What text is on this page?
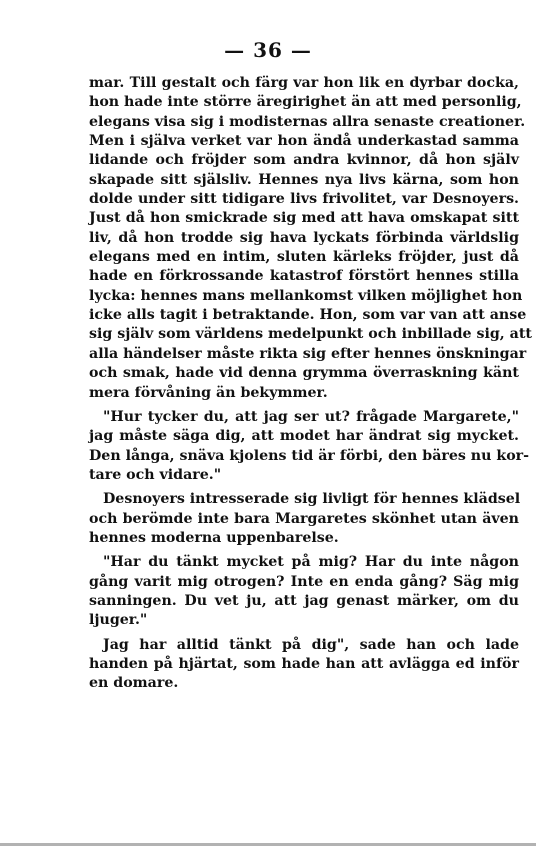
— 36 —
mar. Till gestalt och färg var hon lik en dyrbar docka,
hon hade inte större äregirighet än att med personlig,
elegans visa sig i modisternas allra senaste creationer.
Men i själva verket var hon ändå underkastad samma
lidande och fröjder som andra kvinnor, då hon själv
skapade sitt själsliv. Hennes nya livs kärna, som hon
dolde under sitt tidigare livs frivolitet, var Desnoyers.
Just då hon smickrade sig med att hava omskapat sitt
liv, då hon trodde sig hava lyckats förbinda världslig
elegans med en intim, sluten kärleks fröjder, just då
hade en förkrossande katastrof förstört hennes stilla
lycka: hennes mans mellankomst vilken möjlighet hon
icke alls tagit i betraktande. Hon, som var van att anse
sig själv som världens medelpunkt och inbillade sig, att
alla händelser måste rikta sig efter hennes önskningar
och smak, hade vid denna grymma överraskning känt
mera förvåning än bekymmer.
"Hur tycker du, att jag ser ut? frågade Margarete,"
jag måste säga dig, att modet har ändrat sig mycket.
Den långa, snäva kjolens tid är förbi, den bäres nu kor-
tare och vidare."
Desnoyers intresserade sig livligt för hennes klädsel
och berömde inte bara Margaretes skönhet utan även
hennes moderna uppenbarelse.
"Har du tänkt mycket på mig? Har du inte någon
gång varit mig otrogen? Inte en enda gång? Säg mig
sanningen. Du vet ju, att jag genast märker, om du
ljuger."
Jag har alltid tänkt på dig", sade han och lade
handen på hjärtat, som hade han att avlägga ed inför
en domare.
